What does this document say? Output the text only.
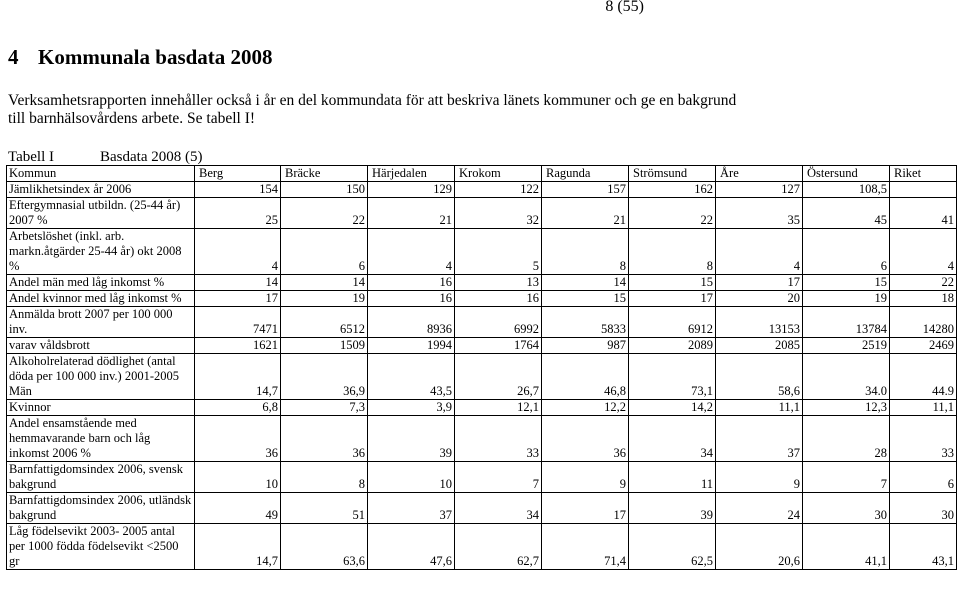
8 (55)
4 Kommunala basdata 2008

Verksamhetsrapporten innehåller också i år en del kommundata för att beskriva länets kommuner och ge en bakgrund till barnhälsovårdens arbete. Se tabell I!

Tabell I	Basdata 2008 (5)
Kommun	Berg	Bräcke	Härjedalen	Krokom	Ragunda	Strömsund	Åre	Östersund	Riket
Jämlikhetsindex år 2006	154	150	129	122	157	162	127	108,5	
Eftergymnasial utbildn. (25-44 år) 2007 %	25	22	21	32	21	22	35	45	41
Arbetslöshet (inkl. arb. markn.åtgärder 25-44 år) okt 2008 %	4	6	4	5	8	8	4	6	4
Andel män med låg inkomst %	14	14	16	13	14	15	17	15	22
Andel kvinnor med låg inkomst %	17	19	16	16	15	17	20	19	18
Anmälda brott 2007 per 100 000 inv.	7471	6512	8936	6992	5833	6912	13153	13784	14280
varav våldsbrott	1621	1509	1994	1764	987	2089	2085	2519	2469
Alkoholrelaterad dödlighet (antal döda per 100 000 inv.) 2001-2005 Män	14,7	36,9	43,5	26,7	46,8	73,1	58,6	34.0	44.9
Kvinnor	6,8	7,3	3,9	12,1	12,2	14,2	11,1	12,3	11,1
Andel ensamstående med hemmavarande barn och låg inkomst 2006 %	36	36	39	33	36	34	37	28	33
Barnfattigdomsindex 2006, svensk bakgrund	10	8	10	7	9	11	9	7	6
Barnfattigdomsindex 2006, utländsk bakgrund	49	51	37	34	17	39	24	30	30
Låg födelsevikt 2003- 2005 antal per 1000 födda födelsevikt <2500 gr	14,7	63,6	47,6	62,7	71,4	62,5	20,6	41,1	43,1
